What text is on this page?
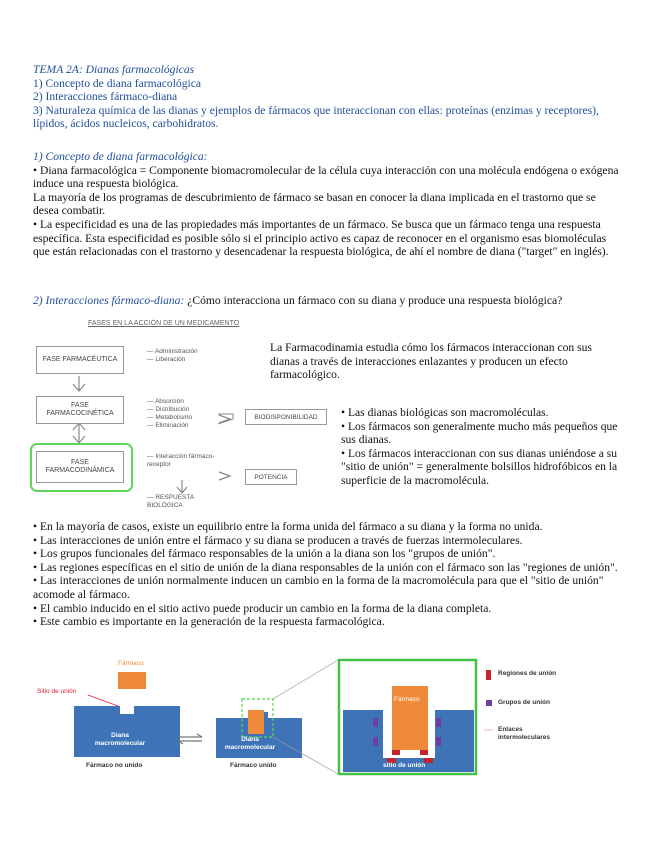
TEMA 2A: Dianas farmacológicas

1) Concepto de diana farmacológica

2) Interacciones fármaco-diana

3) Naturaleza química de las dianas y ejemplos de fármacos que interaccionan con ellas: proteínas (enzimas y receptores), lípidos, ácidos nucleicos, carbohidratos.

1) Concepto de diana farmacológica:

• Diana farmacológica = Componente biomacromolecular de la célula cuya interacción con una molécula endógena o exógena induce una respuesta biológica.

La mayoría de los programas de descubrimiento de fármaco se basan en conocer la diana implicada en el trastorno que se desea combatir.

• La especificidad es una de las propiedades más importantes de un fármaco. Se busca que un fármaco tenga una respuesta específica. Esta especificidad es posible sólo si el principio activo es capaz de reconocer en el organismo esas biomoléculas que están relacionadas con el trastorno y desencadenar la respuesta biológica, de ahí el nombre de diana ("target" en inglés).

2) Interacciones fármaco-diana: ¿Cómo interacciona un fármaco con su diana y produce una respuesta biológica?
FASES EN LA ACCIÓN DE UN MEDICAMENTO
FASE FARMACÉUTICA
— Administración
— Liberación
FASE FARMACOCINÉTICA
— Absorción
— Distribución
— Metabolismo
— Eliminación
BIODISPONIBILIDAD
FASE FARMACODINÁMICA
— Interacción fármaco-receptor
POTENCIA
— RESPUESTA BIOLÓGICA
La Farmacodinamia estudia cómo los fármacos interaccionan con sus dianas a través de interacciones enlazantes y producen un efecto farmacológico.

• Las dianas biológicas son macromoléculas.

• Los fármacos son generalmente mucho más pequeños que sus dianas.

• Los fármacos interaccionan con sus dianas uniéndose a su "sitio de unión" = generalmente bolsillos hidrofóbicos en la superficie de la macromolécula.

• En la mayoría de casos, existe un equilibrio entre la forma unida del fármaco a su diana y la forma no unida.

• Las interacciones de unión entre el fármaco y su diana se producen a través de fuerzas intermoleculares.

• Los grupos funcionales del fármaco responsables de la unión a la diana son los "grupos de unión".

• Las regiones específicas en el sitio de unión de la diana responsables de la unión con el fármaco son las "regiones de unión".

• Las interacciones de unión normalmente inducen un cambio en la forma de la macromolécula para que el "sitio de unión" acomode al fármaco.

• El cambio inducido en el sitio activo puede producir un cambio en la forma de la diana completa.

• Este cambio es importante en la generación de la respuesta farmacológica.

Fármaco
Sitio de unión
Diana macromolecular
Fármaco no unido
Diana macromolecular
Fármaco unido
Fármaco
sitio de unión
Regiones de unión
Grupos de unión
Enlaces intermoleculares
